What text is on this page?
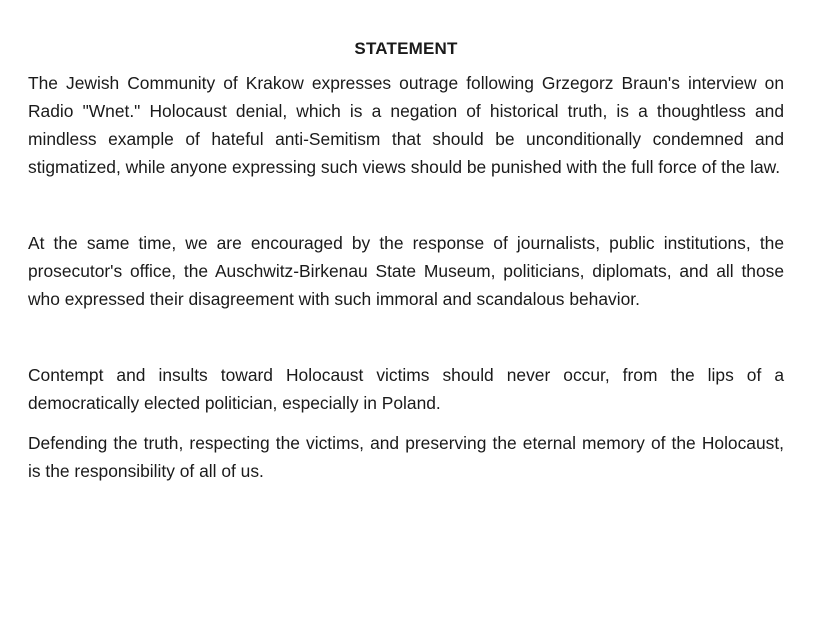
STATEMENT

The Jewish Community of Krakow expresses outrage following Grzegorz Braun's interview on Radio "Wnet." Holocaust denial, which is a negation of historical truth, is a thoughtless and mindless example of hateful anti-Semitism that should be unconditionally condemned and stigmatized, while anyone expressing such views should be punished with the full force of the law.

At the same time, we are encouraged by the response of journalists, public institutions, the prosecutor's office, the Auschwitz-Birkenau State Museum, politicians, diplomats, and all those who expressed their disagreement with such immoral and scandalous behavior.

Contempt and insults toward Holocaust victims should never occur, from the lips of a democratically elected politician, especially in Poland.

Defending the truth, respecting the victims, and preserving the eternal memory of the Holocaust, is the responsibility of all of us.
